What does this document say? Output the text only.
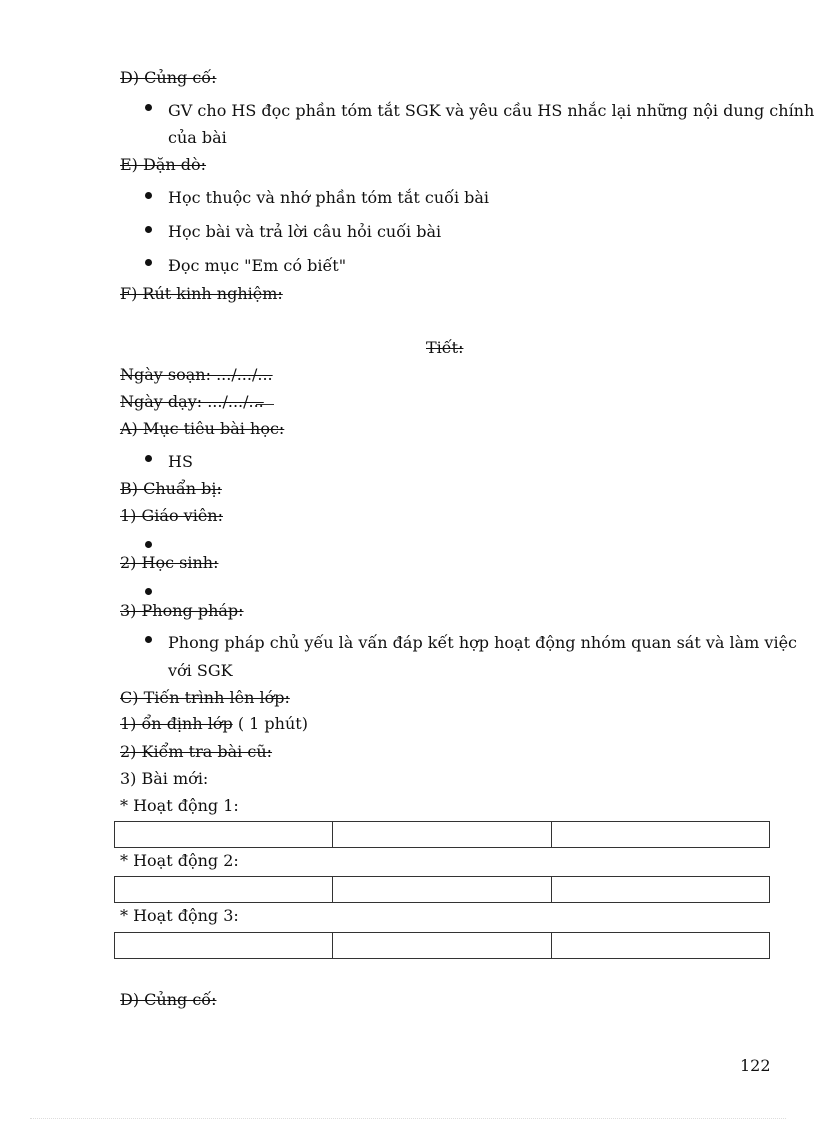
D) Củng cố:
GV cho HS đọc phần tóm tắt SGK và yêu cầu HS nhắc lại những nội dung chính
của bài
E) Dặn dò:
Học thuộc và nhớ phần tóm tắt cuối bài
Học bài và trả lời câu hỏi cuối bài
Đọc mục "Em có biết"
F) Rút kinh nghiệm:
Tiết:
Ngày soạn: .../.../...
Ngày dạy: .../.../...
A) Mục tiêu bài học:
HS
B) Chuẩn bị:
1) Giáo viên:
2) Học sinh:
3) Phong pháp:
Phong pháp chủ yếu là vấn đáp kết hợp hoạt động nhóm quan sát và làm việc
với SGK
C) Tiến trình lên lớp:
1) ổn định lớp ( 1 phút)
2) Kiểm tra bài cũ:
3) Bài mới:
* Hoạt động 1:
* Hoạt động 2:
* Hoạt động 3:
D) Củng cố:
122
